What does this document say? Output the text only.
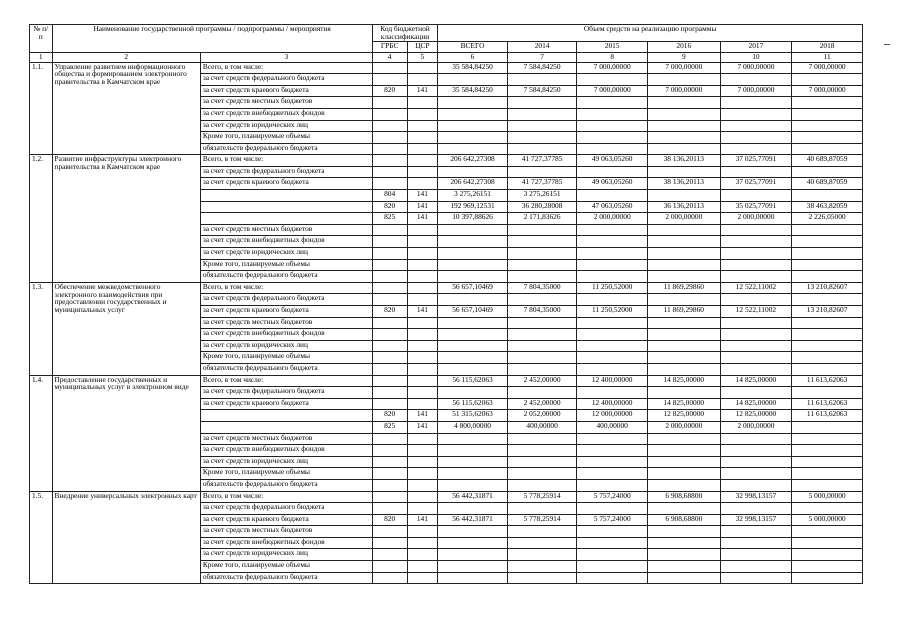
№ п/п	Наименование государственной программы / подпрограммы / мероприятия		Код бюджетной классификации		Объем средств на реализацию программы					

			ГРБС	ЦСР	ВСЕГО	2014	2015	2016	2017	2018
1	2	3	4	5	6	7	8	9	10	11
1.1.	Управление развитием информационного общества и формированием электронного правительства в Камчатском крае	Всего, в том числе:			35 584,84250	7 584,84250	7 000,00000	7 000,00000	7 000,00000	7 000,00000
		за счет средств федерального бюджета								
		за счет средств краевого бюджета	820	141	35 584,84250	7 584,84250	7 000,00000	7 000,00000	7 000,00000	7 000,00000
		за счет средств местных бюджетов								
		за счет средств внебюджетных фондов								
		за счет средств юридических лиц								
		Кроме того, планируемые объемы								
		обязательств федерального бюджета								
1.2.	Развитие инфраструктуры электронного правительства в Камчатском крае	Всего, в том числе:			206 642,27308	41 727,37785	49 063,05260	38 136,20113	37 025,77091	40 689,87059
		за счет средств федерального бюджета								
		за счет средств краевого бюджета			206 642,27308	41 727,37785	49 063,05260	38 136,20113	37 025,77091	40 689,87059
			804	141	3 275,26151	3 275,26151				
			820	141	192 969,12531	36 280,28008	47 063,05260	36 136,20113	35 025,77091	38 463,82059
			825	141	10 397,88626	2 171,83626	2 000,00000	2 000,00000	2 000,00000	2 226,05000
		за счет средств местных бюджетов								
		за счет средств внебюджетных фондов								
		за счет средств юридических лиц								
		Кроме того, планируемые объемы								
		обязательств федерального бюджета								
1.3.	Обеспечение межведомственного электронного взаимодействия при предоставлении государственных и муниципальных услуг	Всего, в том числе:			56 657,10469	7 804,35000	11 250,52000	11 869,29860	12 522,11002	13 210,82607
		за счет средств федерального бюджета								
		за счет средств краевого бюджета	820	141	56 657,10469	7 804,35000	11 250,52000	11 869,29860	12 522,11002	13 210,82607
		за счет средств местных бюджетов								
		за счет средств внебюджетных фондов								
		за счет средств юридических лиц								
		Кроме того, планируемые объемы								
		обязательств федерального бюджета								
1.4.	Предоставление государственных и муниципальных услуг в электронном виде	Всего, в том числе:			56 115,62063	2 452,00000	12 400,00000	14 825,00000	14 825,00000	11 613,62063
		за счет средств федерального бюджета								
		за счет средств краевого бюджета			56 115,62063	2 452,00000	12 400,00000	14 825,00000	14 825,00000	11 613,62063
			820	141	51 315,62063	2 052,00000	12 000,00000	12 825,00000	12 825,00000	11 613,62063
			825	141	4 800,00000	400,00000	400,00000	2 000,00000	2 000,00000	
		за счет средств местных бюджетов								
		за счет средств внебюджетных фондов								
		за счет средств юридических лиц								
		Кроме того, планируемые объемы								
		обязательств федерального бюджета								
1.5.	Внедрение универсальных электронных карт	Всего, в том числе:			56 442,31871	5 778,25914	5 757,24000	6 908,68800	32 998,13157	5 000,00000
		за счет средств федерального бюджета								
		за счет средств краевого бюджета	820	141	56 442,31871	5 778,25914	5 757,24000	6 908,68800	32 998,13157	5 000,00000
		за счет средств местных бюджетов								
		за счет средств внебюджетных фондов								
		за счет средств юридических лиц								
		Кроме того, планируемые объемы								
		обязательств федерального бюджета								
